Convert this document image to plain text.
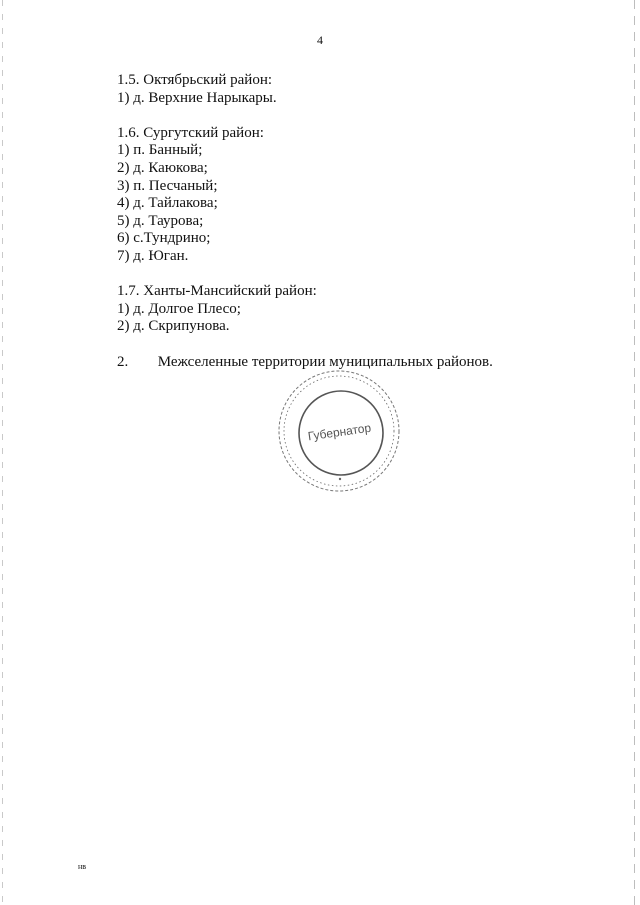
4
1.5. Октябрьский район:
1) д. Верхние Нарыкары.
1.6. Сургутский район:
1) п. Банный;
2) д. Каюкова;
3) п. Песчаный;
4) д. Тайлакова;
5) д. Таурова;
6) с.Тундрино;
7) д. Юган.
1.7. Ханты-Мансийский район:
1) д. Долгое Плесо;
2) д. Скрипунова.
2. Межселенные территории муниципальных районов.
Губернатор
нв
